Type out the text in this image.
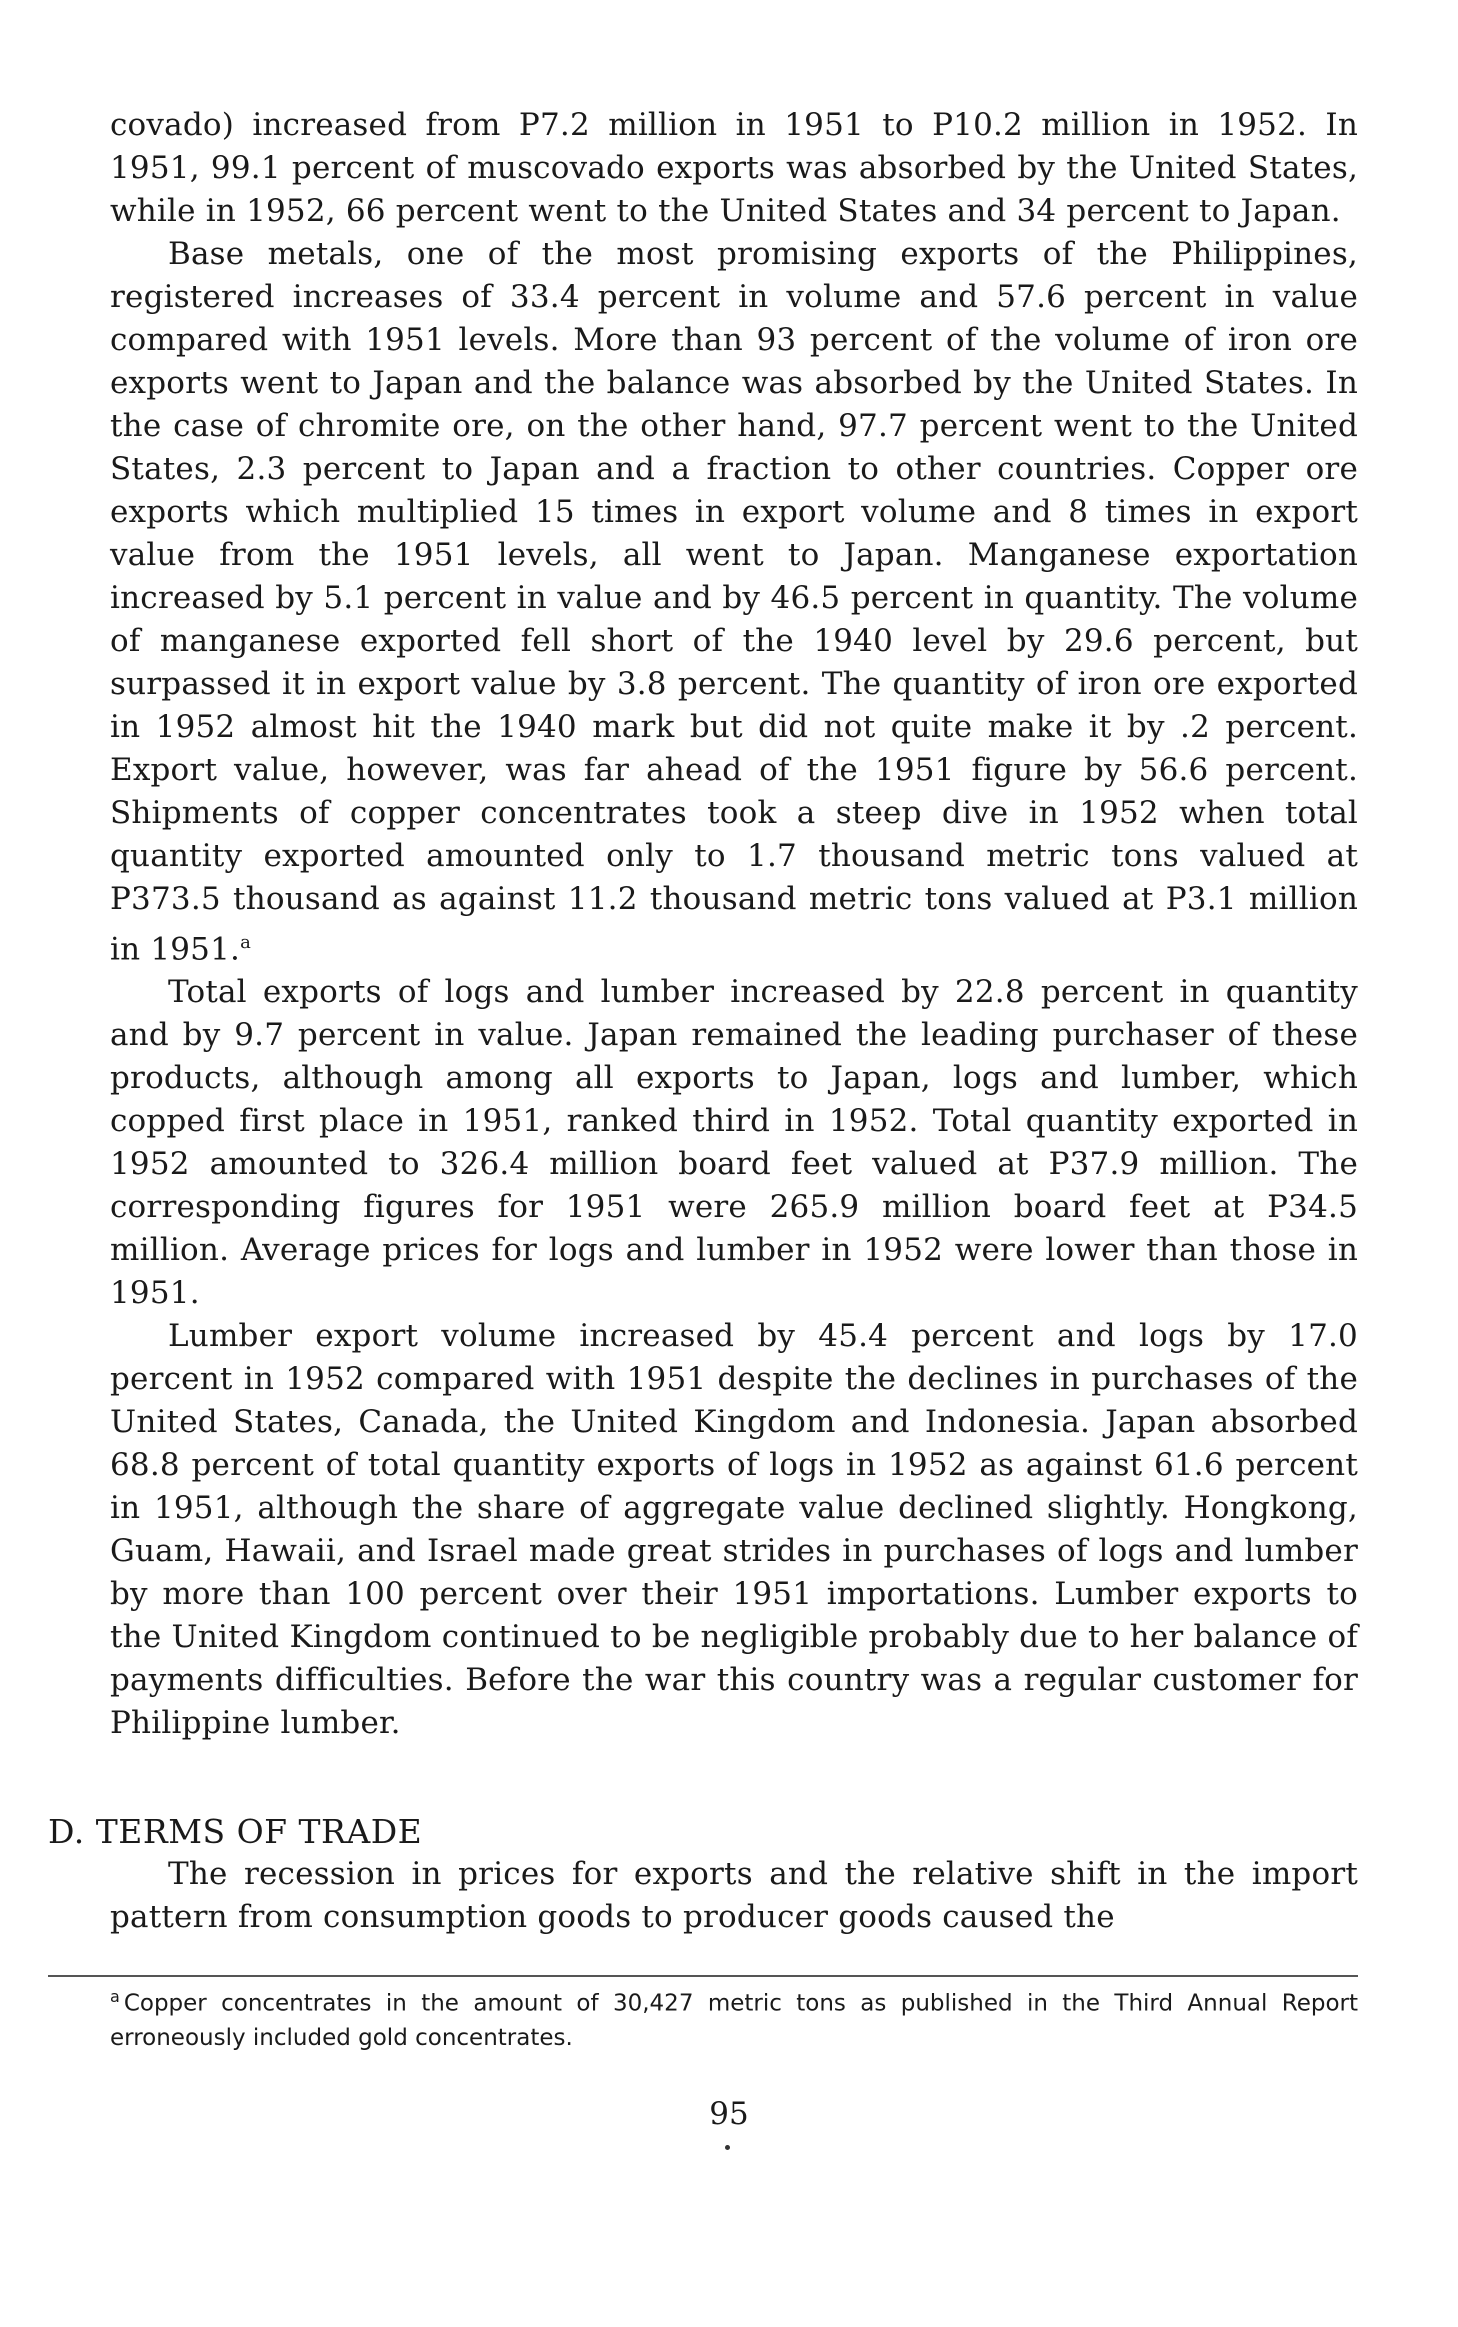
covado) increased from P7.2 million in 1951 to P10.2 million in 1952. In 1951, 99.1 percent of muscovado exports was absorbed by the United States, while in 1952, 66 percent went to the United States and 34 percent to Japan.

Base metals, one of the most promising exports of the Philippines, registered increases of 33.4 percent in volume and 57.6 percent in value compared with 1951 levels. More than 93 percent of the volume of iron ore exports went to Japan and the balance was absorbed by the United States. In the case of chromite ore, on the other hand, 97.7 percent went to the United States, 2.3 percent to Japan and a fraction to other countries. Copper ore exports which multiplied 15 times in export volume and 8 times in export value from the 1951 levels, all went to Japan. Manganese exportation increased by 5.1 percent in value and by 46.5 percent in quantity. The volume of manganese exported fell short of the 1940 level by 29.6 percent, but surpassed it in export value by 3.8 percent. The quantity of iron ore exported in 1952 almost hit the 1940 mark but did not quite make it by .2 percent. Export value, however, was far ahead of the 1951 figure by 56.6 percent. Shipments of copper concentrates took a steep dive in 1952 when total quantity exported amounted only to 1.7 thousand metric tons valued at P373.5 thousand as against 11.2 thousand metric tons valued at P3.1 million in 1951.$^a$

Total exports of logs and lumber increased by 22.8 percent in quantity and by 9.7 percent in value. Japan remained the leading purchaser of these products, although among all exports to Japan, logs and lumber, which copped first place in 1951, ranked third in 1952. Total quantity exported in 1952 amounted to 326.4 million board feet valued at P37.9 million. The corresponding figures for 1951 were 265.9 million board feet at P34.5 million. Average prices for logs and lumber in 1952 were lower than those in 1951.

Lumber export volume increased by 45.4 percent and logs by 17.0 percent in 1952 compared with 1951 despite the declines in purchases of the United States, Canada, the United Kingdom and Indonesia. Japan absorbed 68.8 percent of total quantity exports of logs in 1952 as against 61.6 percent in 1951, although the share of aggregate value declined slightly. Hongkong, Guam, Hawaii, and Israel made great strides in purchases of logs and lumber by more than 100 percent over their 1951 importations. Lumber exports to the United Kingdom continued to be negligible probably due to her balance of payments difficulties. Before the war this country was a regular customer for Philippine lumber.

D. TERMS OF TRADE

The recession in prices for exports and the relative shift in the import pattern from consumption goods to producer goods caused the

$^a$ Copper concentrates in the amount of 30,427 metric tons as published in the Third Annual Report erroneously included gold concentrates.
95
